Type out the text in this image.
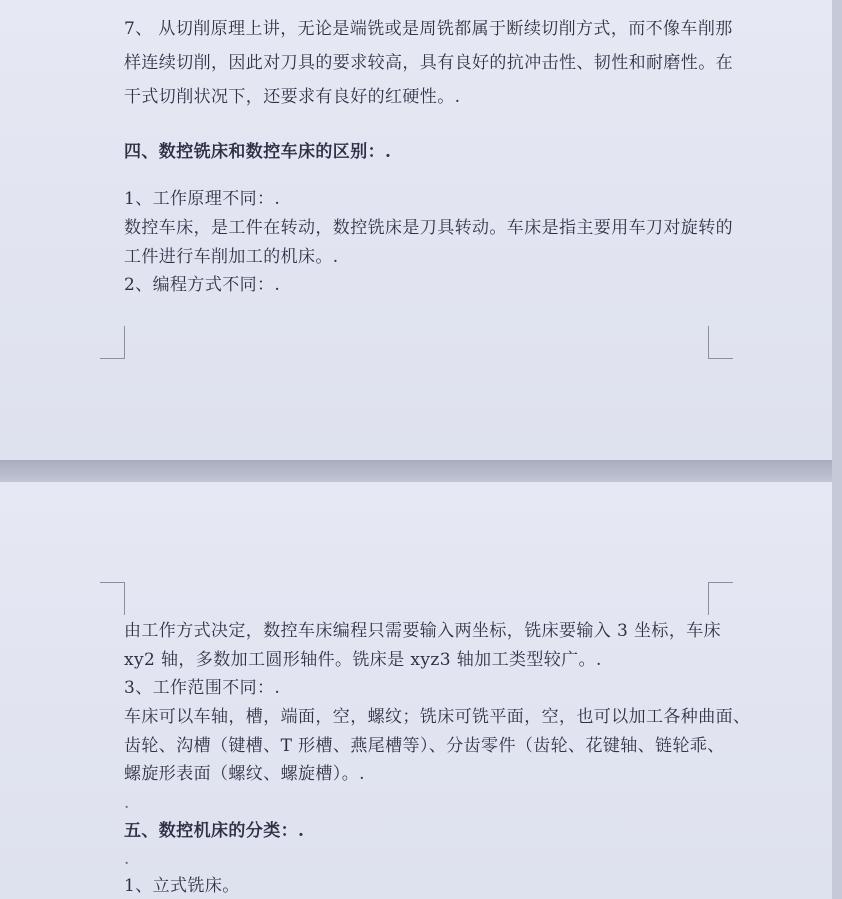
7、 从切削原理上讲，无论是端铣或是周铣都属于断续切削方式，而不像车削那
样连续切削，因此对刀具的要求较高，具有良好的抗冲击性、韧性和耐磨性。在
干式切削状况下，还要求有良好的红硬性。.
四、数控铣床和数控车床的区别：.
1、工作原理不同：.
数控车床，是工件在转动，数控铣床是刀具转动。车床是指主要用车刀对旋转的
工件进行车削加工的机床。.
2、编程方式不同：.
由工作方式决定，数控车床编程只需要输入两坐标，铣床要输入 3 坐标，车床
xy2 轴，多数加工圆形轴件。铣床是 xyz3 轴加工类型较广。.
3、工作范围不同：.
车床可以车轴，槽，端面，空，螺纹；铣床可铣平面，空，也可以加工各种曲面、
齿轮、沟槽（键槽、T 形槽、燕尾槽等）、分齿零件（齿轮、花键轴、链轮乖、
螺旋形表面（螺纹、螺旋槽）。.
.
五、数控机床的分类：.
.
1、立式铣床。
